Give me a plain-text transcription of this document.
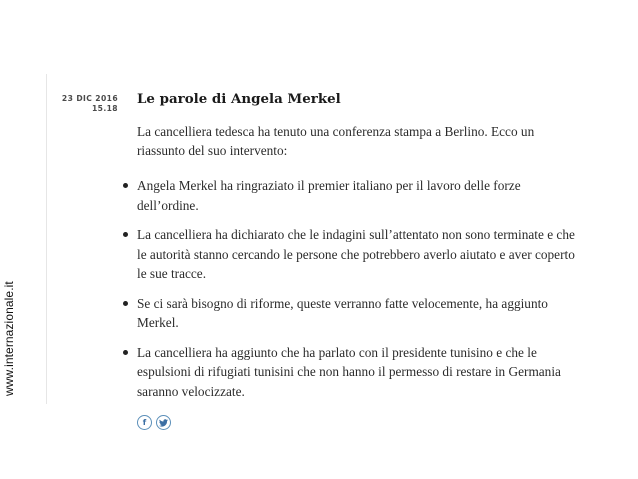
www.internazionale.it
23 DIC 2016
15.18
Le parole di Angela Merkel
La cancelliera tedesca ha tenuto una conferenza stampa a Berlino. Ecco un riassunto del suo intervento:
Angela Merkel ha ringraziato il premier italiano per il lavoro delle forze dell’ordine.
La cancelliera ha dichiarato che le indagini sull’attentato non sono terminate e che le autorità stanno cercando le persone che potrebbero averlo aiutato e aver coperto le sue tracce.
Se ci sarà bisogno di riforme, queste verranno fatte velocemente, ha aggiunto Merkel.
La cancelliera ha aggiunto che ha parlato con il presidente tunisino e che le espulsioni di rifugiati tunisini che non hanno il permesso di restare in Germania saranno velocizzate.
f
